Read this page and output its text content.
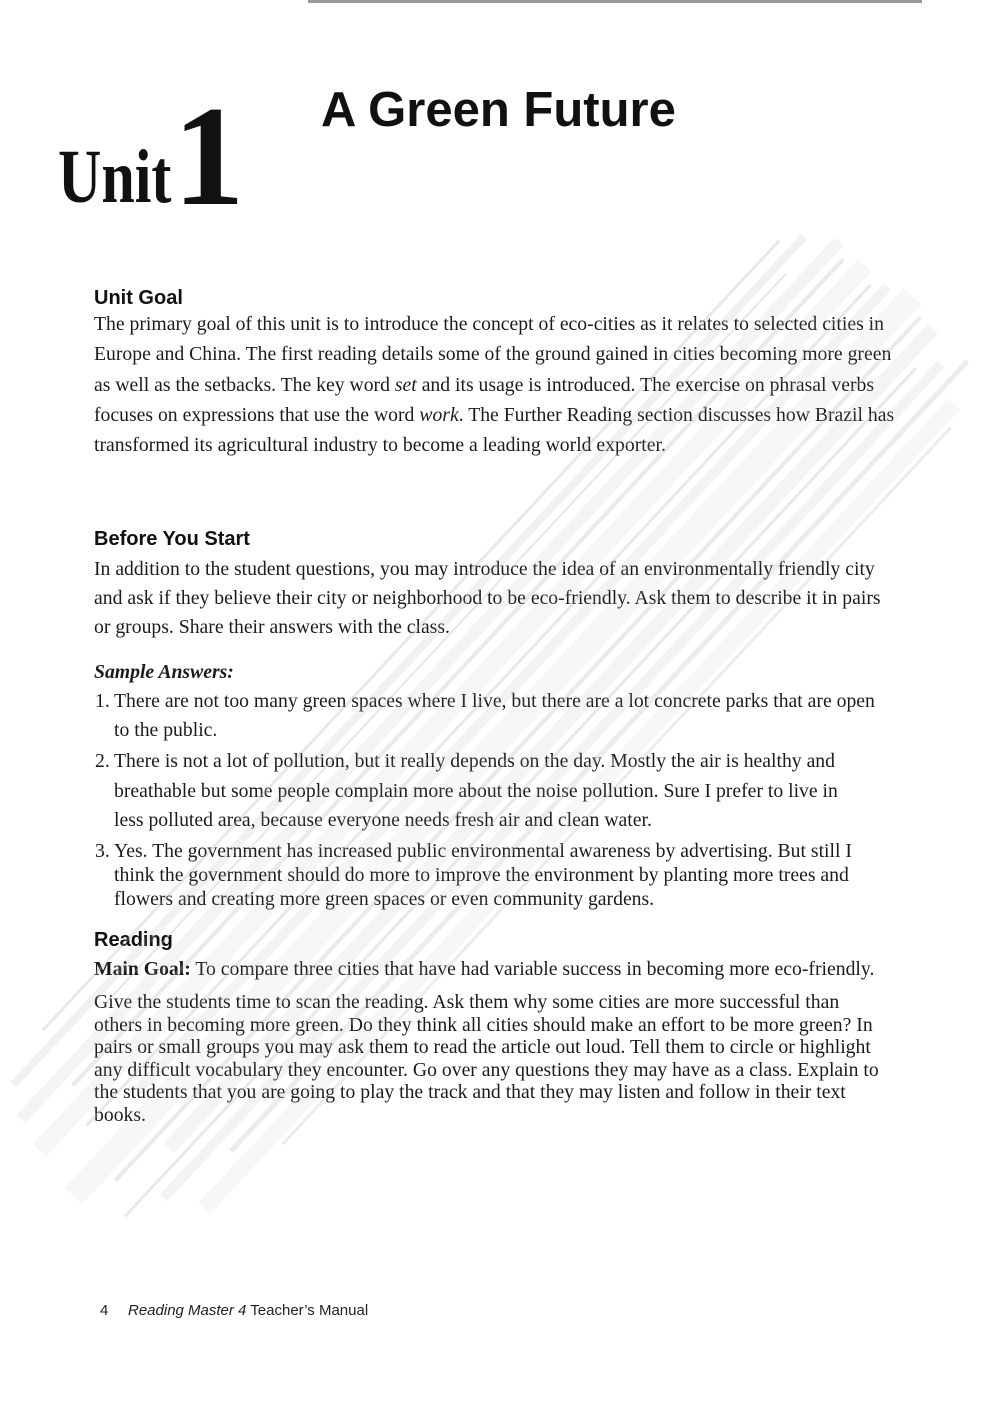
Unit 1 A Green Future
Unit Goal
The primary goal of this unit is to introduce the concept of eco-cities as it relates to selected cities in
Europe and China. The first reading details some of the ground gained in cities becoming more green
as well as the setbacks. The key word set and its usage is introduced. The exercise on phrasal verbs
focuses on expressions that use the word work. The Further Reading section discusses how Brazil has
transformed its agricultural industry to become a leading world exporter.
Before You Start
In addition to the student questions, you may introduce the idea of an environmentally friendly city
and ask if they believe their city or neighborhood to be eco-friendly. Ask them to describe it in pairs
or groups. Share their answers with the class.
Sample Answers:
1. There are not too many green spaces where I live, but there are a lot concrete parks that are open
to the public.
2. There is not a lot of pollution, but it really depends on the day. Mostly the air is healthy and
breathable but some people complain more about the noise pollution. Sure I prefer to live in
less polluted area, because everyone needs fresh air and clean water.
3. Yes. The government has increased public environmental awareness by advertising. But still I
think the government should do more to improve the environment by planting more trees and
flowers and creating more green spaces or even community gardens.
Reading
Main Goal: To compare three cities that have had variable success in becoming more eco-friendly.
Give the students time to scan the reading. Ask them why some cities are more successful than
others in becoming more green. Do they think all cities should make an effort to be more green? In
pairs or small groups you may ask them to read the article out loud. Tell them to circle or highlight
any difficult vocabulary they encounter. Go over any questions they may have as a class. Explain to
the students that you are going to play the track and that they may listen and follow in their text
books.
4 Reading Master 4 Teacher’s Manual
